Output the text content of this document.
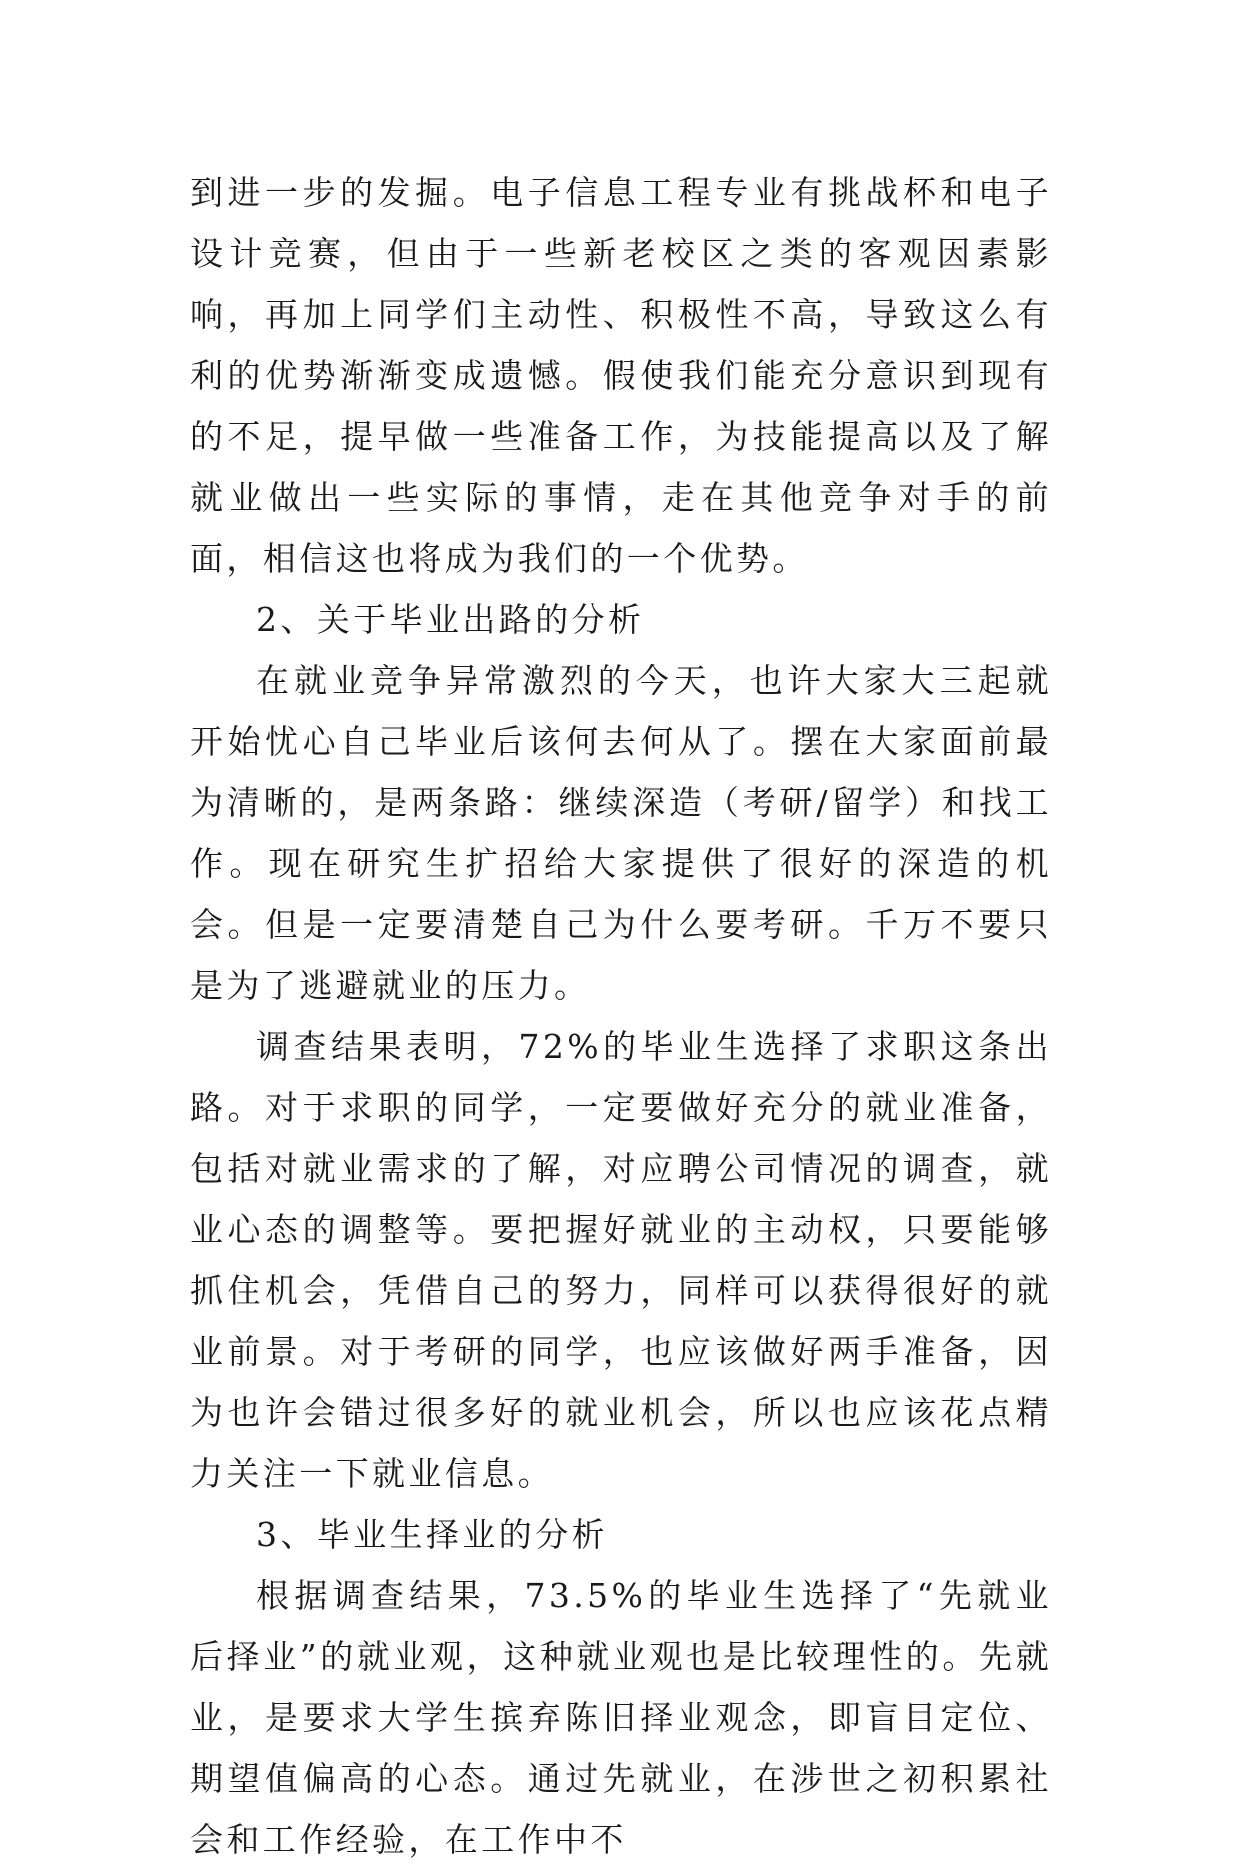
到进一步的发掘。电子信息工程专业有挑战杯和电子设计竞赛，但由于一些新老校区之类的客观因素影响，再加上同学们主动性、积极性不高，导致这么有利的优势渐渐变成遗憾。假使我们能充分意识到现有的不足，提早做一些准备工作，为技能提高以及了解就业做出一些实际的事情，走在其他竞争对手的前面，相信这也将成为我们的一个优势。

2、关于毕业出路的分析

在就业竞争异常激烈的今天，也许大家大三起就开始忧心自己毕业后该何去何从了。摆在大家面前最为清晰的，是两条路：继续深造（考研/留学）和找工作。现在研究生扩招给大家提供了很好的深造的机会。但是一定要清楚自己为什么要考研。千万不要只是为了逃避就业的压力。

调查结果表明，72%的毕业生选择了求职这条出路。对于求职的同学，一定要做好充分的就业准备，包括对就业需求的了解，对应聘公司情况的调查，就业心态的调整等。要把握好就业的主动权，只要能够抓住机会，凭借自己的努力，同样可以获得很好的就业前景。对于考研的同学，也应该做好两手准备，因为也许会错过很多好的就业机会，所以也应该花点精力关注一下就业信息。

3、毕业生择业的分析

根据调查结果，73.5%的毕业生选择了“先就业后择业”的就业观，这种就业观也是比较理性的。先就业，是要求大学生摈弃陈旧择业观念，即盲目定位、期望值偏高的心态。通过先就业，在涉世之初积累社会和工作经验，在工作中不
